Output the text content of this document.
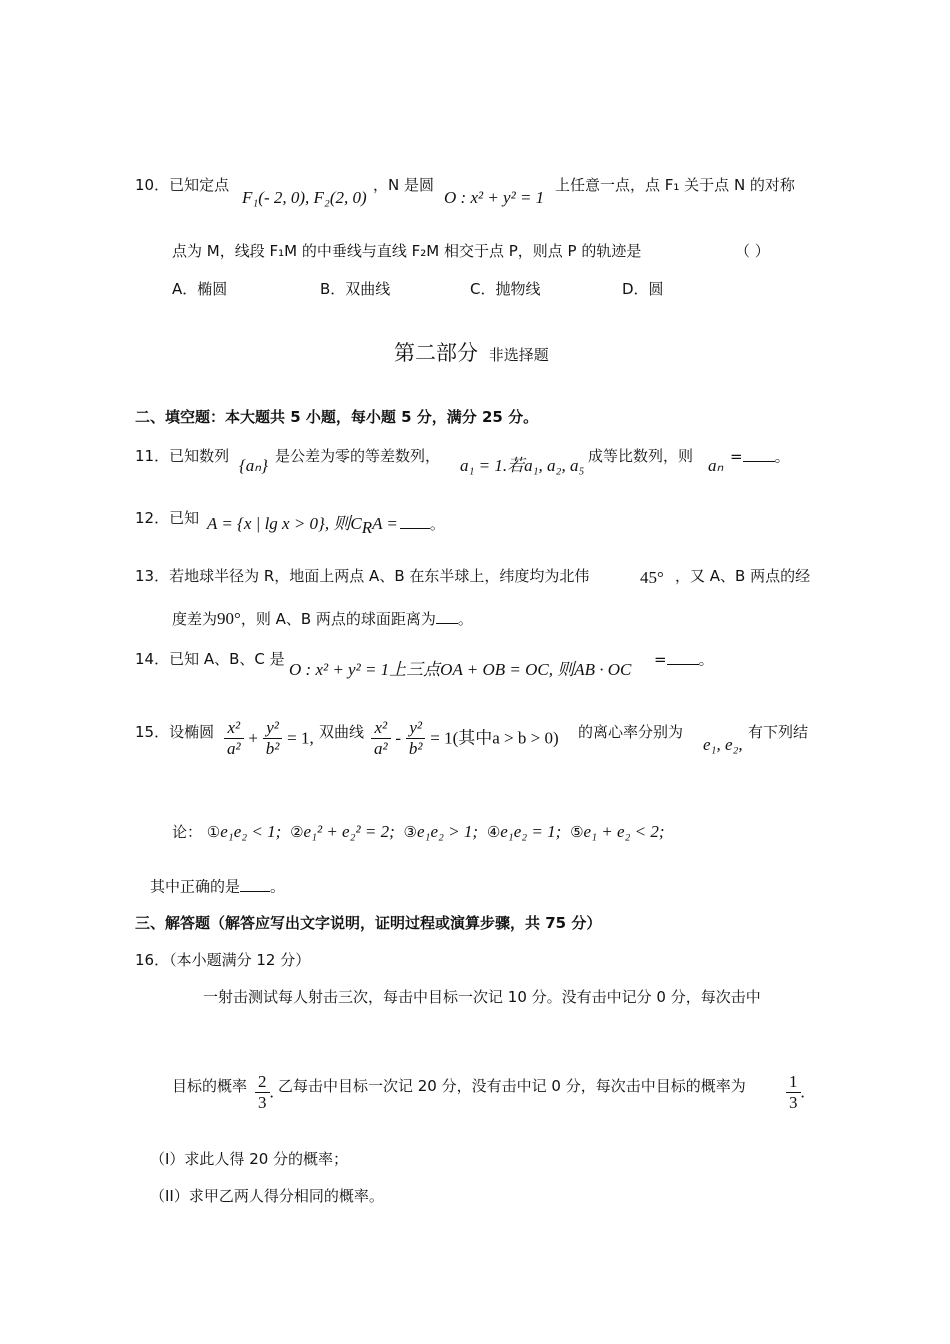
10．已知定点
F₁(- 2, 0), F₂(2, 0)
，N 是圆
O : x² + y² = 1
上任意一点，点 F₁ 关于点 N 的对称
点为 M，线段 F₁M 的中垂线与直线 F₂M 相交于点 P，则点 P 的轨迹是	（ ）
A．椭圆	B．双曲线	C．抛物线	D．圆
第二部分 非选择题
二、填空题：本大题共 5 小题，每小题 5 分，满分 25 分。
11．已知数列 {aₙ} 是公差为零的等差数列， a₁ = 1.若a₁, a₂, a₅ 成等比数列，则 aₙ = 。
12．已知 A = {x | lg x > 0}, 则$C_RA$ = 。
13．若地球半径为 R，地面上两点 A、B 在东半球上，纬度均为北伟	45° ，又 A、B 两点的经
度差为90°，则 A、B 两点的球面距离为 。
14．已知 A、B、C 是
O : x² + y² = 1上三点OA + OB = OC, 则AB · OC
= 。
15．设椭圆 $\frac{\text{x²}}{\text{a²}} + \frac{\text{y²}}{\text{b²}} = 1$, 双曲线 $\frac{\text{x²}}{\text{a²}} - \frac{\text{y²}}{\text{b²}} = 1$(其中a > b > 0) 的离心率分别为
e₁, e₂,
有下列结
论： ①e₁e₂ < 1; ②e₁² + e₂² = 2; ③e₁e₂ > 1; ④e₁e₂ = 1; ⑤e₁ + e₂ < 2;
其中正确的是 。
三、解答题（解答应写出文字说明，证明过程或演算步骤，共 75 分）
16．（本小题满分 12 分）
一射击测试每人射击三次，每击中目标一次记 10 分。没有击中记分 0 分，每次击中
目标的概率 $\frac{2}{3}$ . 乙每击中目标一次记 20 分，没有击中记 0 分，每次击中目标的概率为 $\frac{1}{3}$ .
（I）求此人得 20 分的概率；
（II）求甲乙两人得分相同的概率。
